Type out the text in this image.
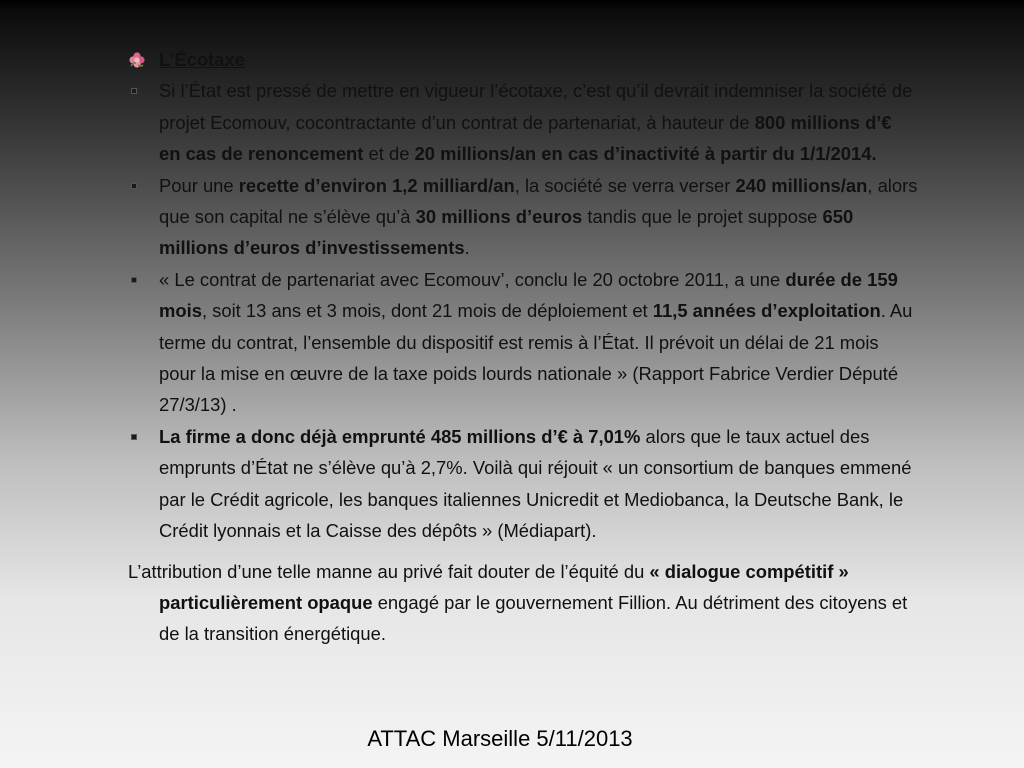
L’Écotaxe
Si l’État est pressé de mettre en vigueur l’écotaxe, c’est qu’il devrait indemniser la société de projet Ecomouv, cocontractante d’un contrat de partenariat, à hauteur de 800 millions d’€ en cas de renoncement et de 20 millions/an en cas d’inactivité à partir du 1/1/2014.
Pour une recette d’environ 1,2 milliard/an, la société se verra verser 240 millions/an, alors que son capital ne s’élève qu’à 30 millions d’euros tandis que le projet suppose 650 millions d’euros d’investissements.
« Le contrat de partenariat avec Ecomouv’, conclu le 20 octobre 2011, a une durée de 159 mois, soit 13 ans et 3 mois, dont 21 mois de déploiement et 11,5 années d’exploitation. Au terme du contrat, l’ensemble du dispositif est remis à l’État. Il prévoit un délai de 21 mois pour la mise en œuvre de la taxe poids lourds nationale » (Rapport Fabrice Verdier Député 27/3/13) .
La firme a donc déjà emprunté 485 millions d’€ à 7,01% alors que le taux actuel des emprunts d’État ne s’élève qu’à 2,7%. Voilà qui réjouit « un consortium de banques emmené par le Crédit agricole, les banques italiennes Unicredit et Mediobanca, la Deutsche Bank, le Crédit lyonnais et la Caisse des dépôts » (Médiapart).
L’attribution d’une telle manne au privé fait douter de l’équité du « dialogue compétitif » particulièrement opaque engagé par le gouvernement Fillion. Au détriment des citoyens et de la transition énergétique.
ATTAC Marseille 5/11/2013
